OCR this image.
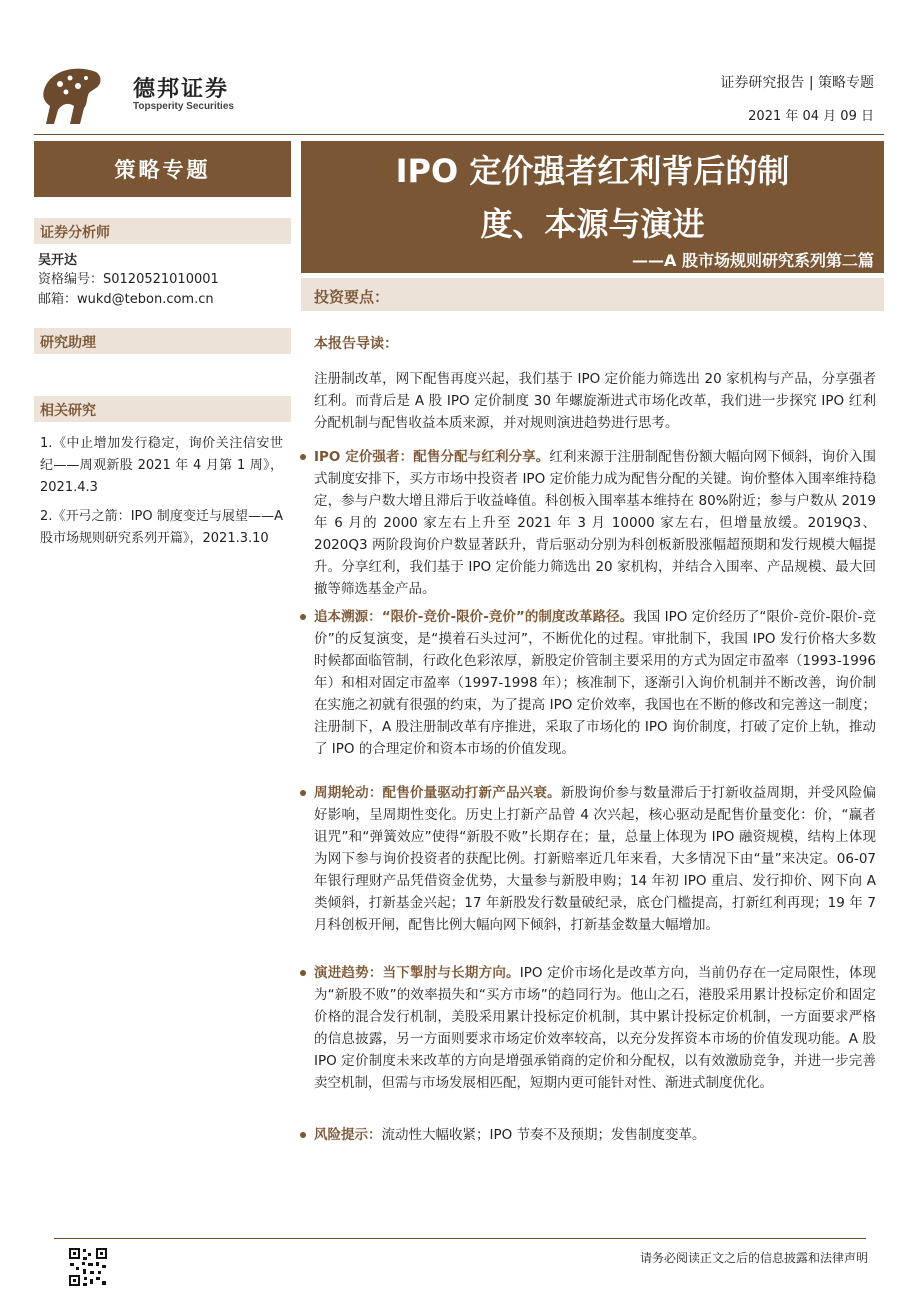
德邦证券
Topsperity Securities
证券研究报告 | 策略专题
2021 年 04 月 09 日
策略专题
证券分析师
吴开达
资格编号：S0120521010001
邮箱：wukd@tebon.com.cn
研究助理
相关研究
1.《中止增加发行稳定，询价关注信安世纪——周观新股 2021 年 4 月第 1 周》，2021.4.3
2.《开弓之箭：IPO 制度变迁与展望——A 股市场规则研究系列开篇》，2021.3.10
IPO 定价强者红利背后的制
度、本源与演进
——A 股市场规则研究系列第二篇
投资要点：
本报告导读：
注册制改革，网下配售再度兴起，我们基于 IPO 定价能力筛选出 20 家机构与产品，分享强者红利。而背后是 A 股 IPO 定价制度 30 年螺旋渐进式市场化改革，我们进一步探究 IPO 红利分配机制与配售收益本质来源，并对规则演进趋势进行思考。
IPO 定价强者：配售分配与红利分享。红利来源于注册制配售份额大幅向网下倾斜，询价入围式制度安排下，买方市场中投资者 IPO 定价能力成为配售分配的关键。询价整体入围率维持稳定，参与户数大增且滞后于收益峰值。科创板入围率基本维持在 80%附近；参与户数从 2019 年 6 月的 2000 家左右上升至 2021 年 3 月 10000 家左右，但增量放缓。2019Q3、2020Q3 两阶段询价户数显著跃升，背后驱动分别为科创板新股涨幅超预期和发行规模大幅提升。分享红利，我们基于 IPO 定价能力筛选出 20 家机构，并结合入围率、产品规模、最大回撤等筛选基金产品。
追本溯源：“限价-竞价-限价-竞价”的制度改革路径。我国 IPO 定价经历了“限价-竞价-限价-竞价”的反复演变，是“摸着石头过河”，不断优化的过程。审批制下，我国 IPO 发行价格大多数时候都面临管制，行政化色彩浓厚，新股定价管制主要采用的方式为固定市盈率（1993-1996 年）和相对固定市盈率（1997-1998 年）；核准制下，逐渐引入询价机制并不断改善，询价制在实施之初就有很强的约束，为了提高 IPO 定价效率，我国也在不断的修改和完善这一制度；注册制下，A 股注册制改革有序推进，采取了市场化的 IPO 询价制度，打破了定价上轨，推动了 IPO 的合理定价和资本市场的价值发现。
周期轮动：配售价量驱动打新产品兴衰。新股询价参与数量滞后于打新收益周期，并受风险偏好影响，呈周期性变化。历史上打新产品曾 4 次兴起，核心驱动是配售价量变化：价，“赢者诅咒”和“弹簧效应”使得“新股不败”长期存在；量，总量上体现为 IPO 融资规模，结构上体现为网下参与询价投资者的获配比例。打新赔率近几年来看，大多情况下由“量”来决定。06-07 年银行理财产品凭借资金优势，大量参与新股申购；14 年初 IPO 重启、发行抑价、网下向 A 类倾斜，打新基金兴起；17 年新股发行数量破纪录，底仓门槛提高，打新红利再现；19 年 7 月科创板开闸，配售比例大幅向网下倾斜，打新基金数量大幅增加。
演进趋势：当下掣肘与长期方向。IPO 定价市场化是改革方向，当前仍存在一定局限性，体现为“新股不败”的效率损失和“买方市场”的趋同行为。他山之石，港股采用累计投标定价和固定价格的混合发行机制，美股采用累计投标定价机制，其中累计投标定价机制，一方面要求严格的信息披露，另一方面则要求市场定价效率较高，以充分发挥资本市场的价值发现功能。A 股 IPO 定价制度未来改革的方向是增强承销商的定价和分配权，以有效激励竞争，并进一步完善卖空机制，但需与市场发展相匹配，短期内更可能针对性、渐进式制度优化。
风险提示：流动性大幅收紧；IPO 节奏不及预期；发售制度变革。
请务必阅读正文之后的信息披露和法律声明
